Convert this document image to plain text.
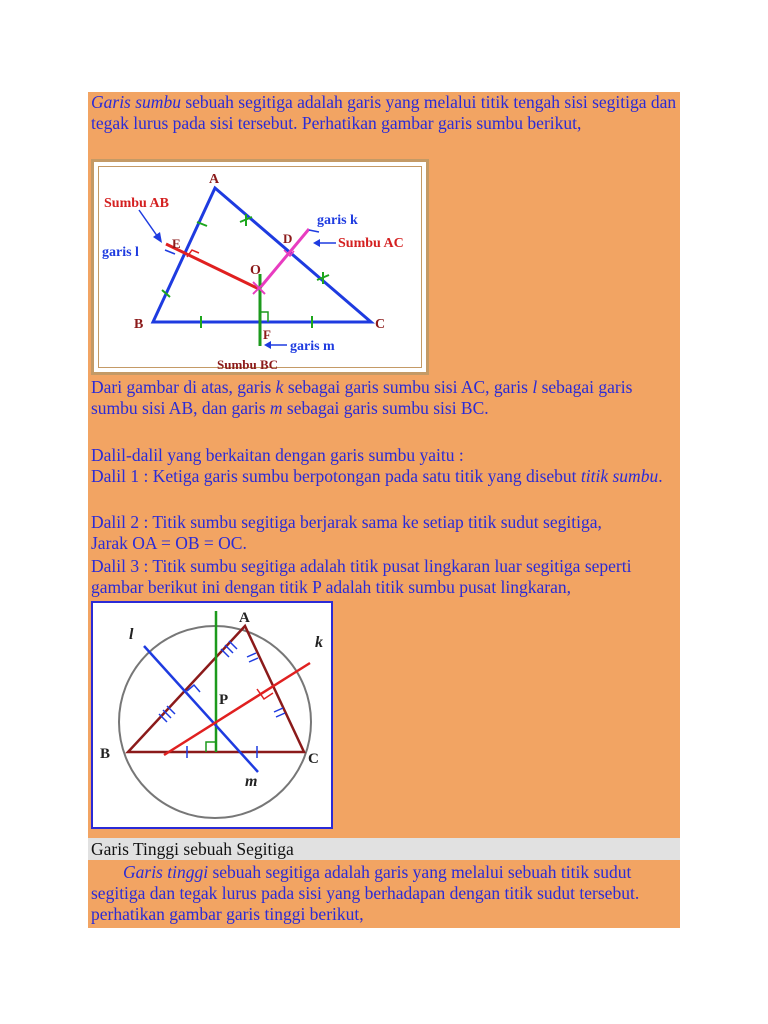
Garis sumbu sebuah segitiga adalah garis yang melalui titik tengah sisi segitiga dan tegak lurus pada sisi tersebut. Perhatikan gambar garis sumbu berikut,

A
B	C
D
E
F
O
Sumbu AB
Sumbu AC
Sumbu BC
garis k
garis l
garis m

Dari gambar di atas, garis k sebagai garis sumbu sisi AC, garis l sebagai garis sumbu sisi AB, dan garis m sebagai garis sumbu sisi BC.

Dalil-dalil yang berkaitan dengan garis sumbu yaitu :

Dalil 1 : Ketiga garis sumbu berpotongan pada satu titik yang disebut titik sumbu.

Dalil 2 : Titik sumbu segitiga berjarak sama ke setiap titik sudut segitiga,

Jarak OA = OB = OC.

Dalil 3 : Titik sumbu segitiga adalah titik pusat lingkaran luar segitiga seperti gambar berikut ini dengan titik P adalah titik sumbu pusat lingkaran,

A
B	C
P
k
l
m
Garis Tinggi sebuah Segitiga

Garis tinggi sebuah segitiga adalah garis yang melalui sebuah titik sudut segitiga dan tegak lurus pada sisi yang berhadapan dengan titik sudut tersebut. perhatikan gambar garis tinggi berikut,
